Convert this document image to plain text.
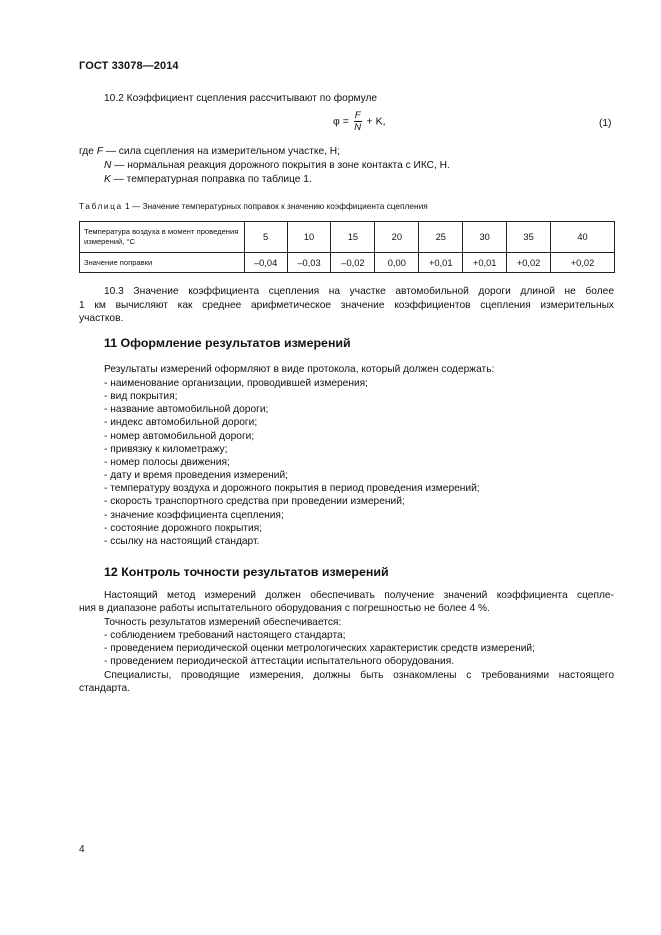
ГОСТ 33078—2014
10.2 Коэффициент сцепления рассчитывают по формуле
$\varphi = \frac{F}{N} + K$,	(1)
где F — сила сцепления на измерительном участке, Н;
N — нормальная реакция дорожного покрытия в зоне контакта с ИКС, Н.
K — температурная поправка по таблице 1.
Таблица 1 — Значение температурных поправок к значению коэффициента сцепления
Температура воздуха в момент проведения измерений, °С	5	10	15	20	25	30	35	40
Значение поправки	–0,04	–0,03	–0,02	0,00	+0,01	+0,01	+0,02	+0,02
10.3 Значение коэффициента сцепления на участке автомобильной дороги длиной не более
1 км вычисляют как среднее арифметическое значение коэффициентов сцепления измерительных
участков.
11 Оформление результатов измерений
Результаты измерений оформляют в виде протокола, который должен содержать:
- наименование организации, проводившей измерения;
- вид покрытия;
- название автомобильной дороги;
- индекс автомобильной дороги;
- номер автомобильной дороги;
- привязку к километражу;
- номер полосы движения;
- дату и время проведения измерений;
- температуру воздуха и дорожного покрытия в период проведения измерений;
- скорость транспортного средства при проведении измерений;
- значение коэффициента сцепления;
- состояние дорожного покрытия;
- ссылку на настоящий стандарт.
12 Контроль точности результатов измерений
Настоящий метод измерений должен обеспечивать получение значений коэффициента сцепле-
ния в диапазоне работы испытательного оборудования с погрешностью не более 4 %.
Точность результатов измерений обеспечивается:
- соблюдением требований настоящего стандарта;
- проведением периодической оценки метрологических характеристик средств измерений;
- проведением периодической аттестации испытательного оборудования.
Специалисты, проводящие измерения, должны быть ознакомлены с требованиями настоящего
стандарта.
4
